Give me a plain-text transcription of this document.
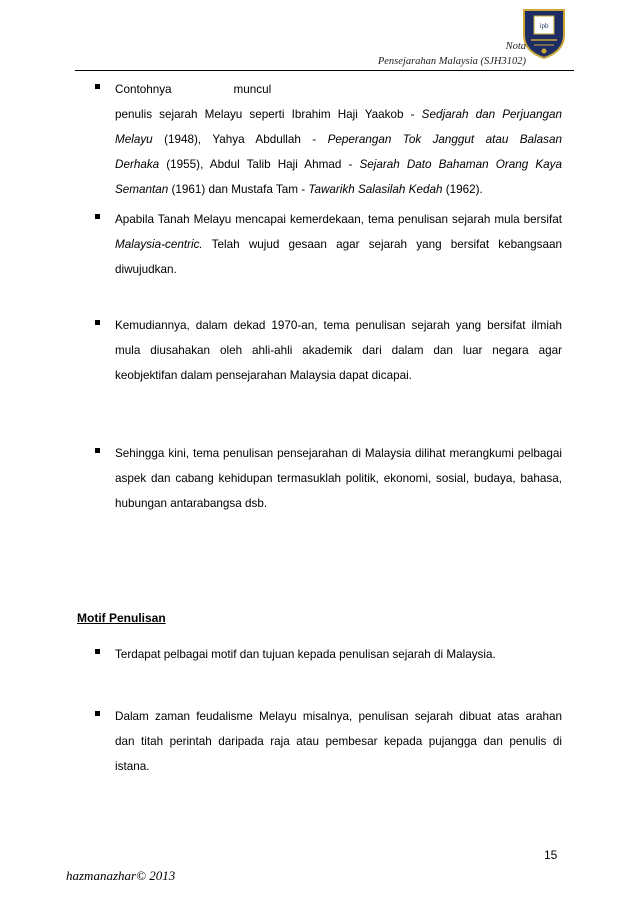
ipb
Nota
Pensejarahan Malaysia (SJH3102)
Contohnya	muncul
penulis sejarah Melayu seperti Ibrahim Haji Yaakob - Sedjarah dan Perjuangan
Melayu (1948), Yahya Abdullah - Peperangan Tok Janggut atau Balasan
Derhaka (1955), Abdul Talib Haji Ahmad - Sejarah Dato Bahaman Orang Kaya
Semantan (1961) dan Mustafa Tam - Tawarikh Salasilah Kedah (1962).
Apabila Tanah Melayu mencapai kemerdekaan, tema penulisan sejarah mula bersifat
Malaysia-centric. Telah wujud gesaan agar sejarah yang bersifat kebangsaan
diwujudkan.
Kemudiannya, dalam dekad 1970-an, tema penulisan sejarah yang bersifat ilmiah
mula diusahakan oleh ahli-ahli akademik dari dalam dan luar negara agar
keobjektifan dalam pensejarahan Malaysia dapat dicapai.
Sehingga kini, tema penulisan pensejarahan di Malaysia dilihat merangkumi pelbagai
aspek dan cabang kehidupan termasuklah politik, ekonomi, sosial, budaya, bahasa,
hubungan antarabangsa dsb.
Motif Penulisan
Terdapat pelbagai motif dan tujuan kepada penulisan sejarah di Malaysia.
Dalam zaman feudalisme Melayu misalnya, penulisan sejarah dibuat atas arahan
dan titah perintah daripada raja atau pembesar kepada pujangga dan penulis di
istana.
hazmanazhar© 2013
15
